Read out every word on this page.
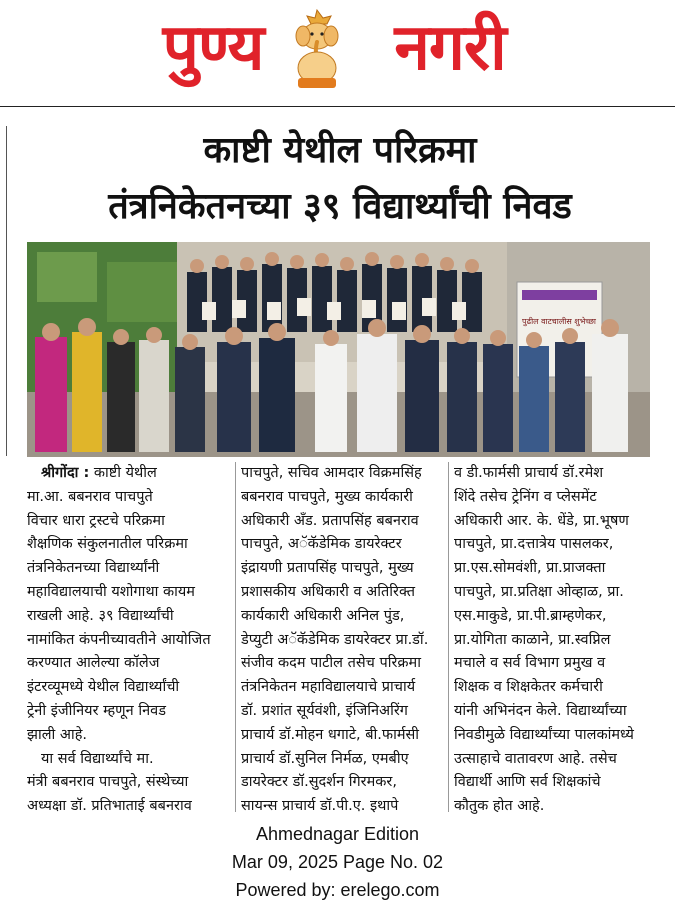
पुण्य	नगरी
काष्टी येथील परिक्रमा
तंत्रनिकेतनच्या ३९ विद्यार्थ्यांची निवड
पुढील वाटचालीस शुभेच्छा
श्रीगोंदा : काष्टी येथील
मा.आ. बबनराव पाचपुते
विचार धारा ट्रस्टचे परिक्रमा
शैक्षणिक संकुलनातील परिक्रमा
तंत्रनिकेतनच्या विद्यार्थ्यांनी
महाविद्यालयाची यशोगाथा कायम
राखली आहे. ३९ विद्यार्थ्यांची
नामांकित कंपनीच्यावतीने आयोजित
करण्यात आलेल्या कॉलेज
इंटरव्यूमध्ये येथील विद्यार्थ्यांची
ट्रेनी इंजीनियर म्हणून निवड
झाली आहे.
या सर्व विद्यार्थ्यांचे मा.
मंत्री बबनराव पाचपुते, संस्थेच्या
अध्यक्षा डॉ. प्रतिभाताई बबनराव
पाचपुते, सचिव आमदार विक्रमसिंह
बबनराव पाचपुते, मुख्य कार्यकारी
अधिकारी अँड. प्रतापसिंह बबनराव
पाचपुते, अॅकॅडेमिक डायरेक्टर
इंद्रायणी प्रतापसिंह पाचपुते, मुख्य
प्रशासकीय अधिकारी व अतिरिक्त
कार्यकारी अधिकारी अनिल पुंड,
डेप्युटी अॅकॅडेमिक डायरेक्टर प्रा.डॉ.
संजीव कदम पाटील तसेच परिक्रमा
तंत्रनिकेतन महाविद्यालयाचे प्राचार्य
डॉ. प्रशांत सूर्यवंशी, इंजिनिअरिंग
प्राचार्य डॉ.मोहन धगाटे, बी.फार्मसी
प्राचार्य डॉ.सुनिल निर्मळ, एमबीए
डायरेक्टर डॉ.सुदर्शन गिरमकर,
सायन्स प्राचार्य डॉ.पी.ए. इथापे
व डी.फार्मसी प्राचार्य डॉ.रमेश
शिंदे तसेच ट्रेनिंग व प्लेसमेंट
अधिकारी आर. के. धेंडे, प्रा.भूषण
पाचपुते, प्रा.दत्तात्रेय पासलकर,
प्रा.एस.सोमवंशी, प्रा.प्राजक्ता
पाचपुते, प्रा.प्रतिक्षा ओव्हाळ, प्रा.
एस.माकुडे, प्रा.पी.ब्राम्हणेकर,
प्रा.योगिता काळाने, प्रा.स्वप्निल
मचाले व सर्व विभाग प्रमुख व
शिक्षक व शिक्षकेतर कर्मचारी
यांनी अभिनंदन केले. विद्यार्थ्यांच्या
निवडीमुळे विद्यार्थ्यांच्या पालकांमध्ये
उत्साहाचे वातावरण आहे. तसेच
विद्यार्थी आणि सर्व शिक्षकांचे
कौतुक होत आहे.
Ahmednagar Edition
Mar 09, 2025 Page No. 02
Powered by: erelego.com
